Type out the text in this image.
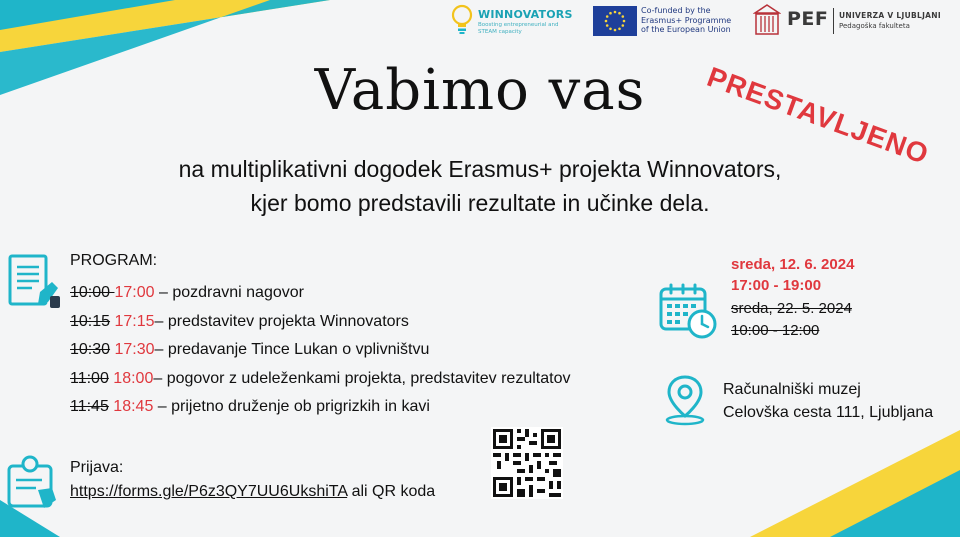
WINNOVATORS
Boosting entrepreneurial and STEAM capacity
Co-funded by the
Erasmus+ Programme
of the European Union	PEF UNIVERZA V LJUBLJANI
Pedagoška fakulteta
Vabimo vas	PRESTAVLJENO
na multiplikativni dogodek Erasmus+ projekta Winnovators,
kjer bomo predstavili rezultate in učinke dela.
PROGRAM:
10:00 17:00 – pozdravni nagovor
10:15 17:15– predstavitev projekta Winnovators
10:30 17:30– predavanje Tince Lukan o vplivništvu
11:00 18:00– pogovor z udeleženkami projekta, predstavitev rezultatov
11:45 18:45 – prijetno druženje ob prigrizkih in kavi
sreda, 12. 6. 2024
17:00 - 19:00
sreda, 22. 5. 2024
10:00 - 12:00
Računalniški muzej
Celovška cesta 111, Ljubljana
Prijava:
https://forms.gle/P6z3QY7UU6UkshiTA ali QR koda
